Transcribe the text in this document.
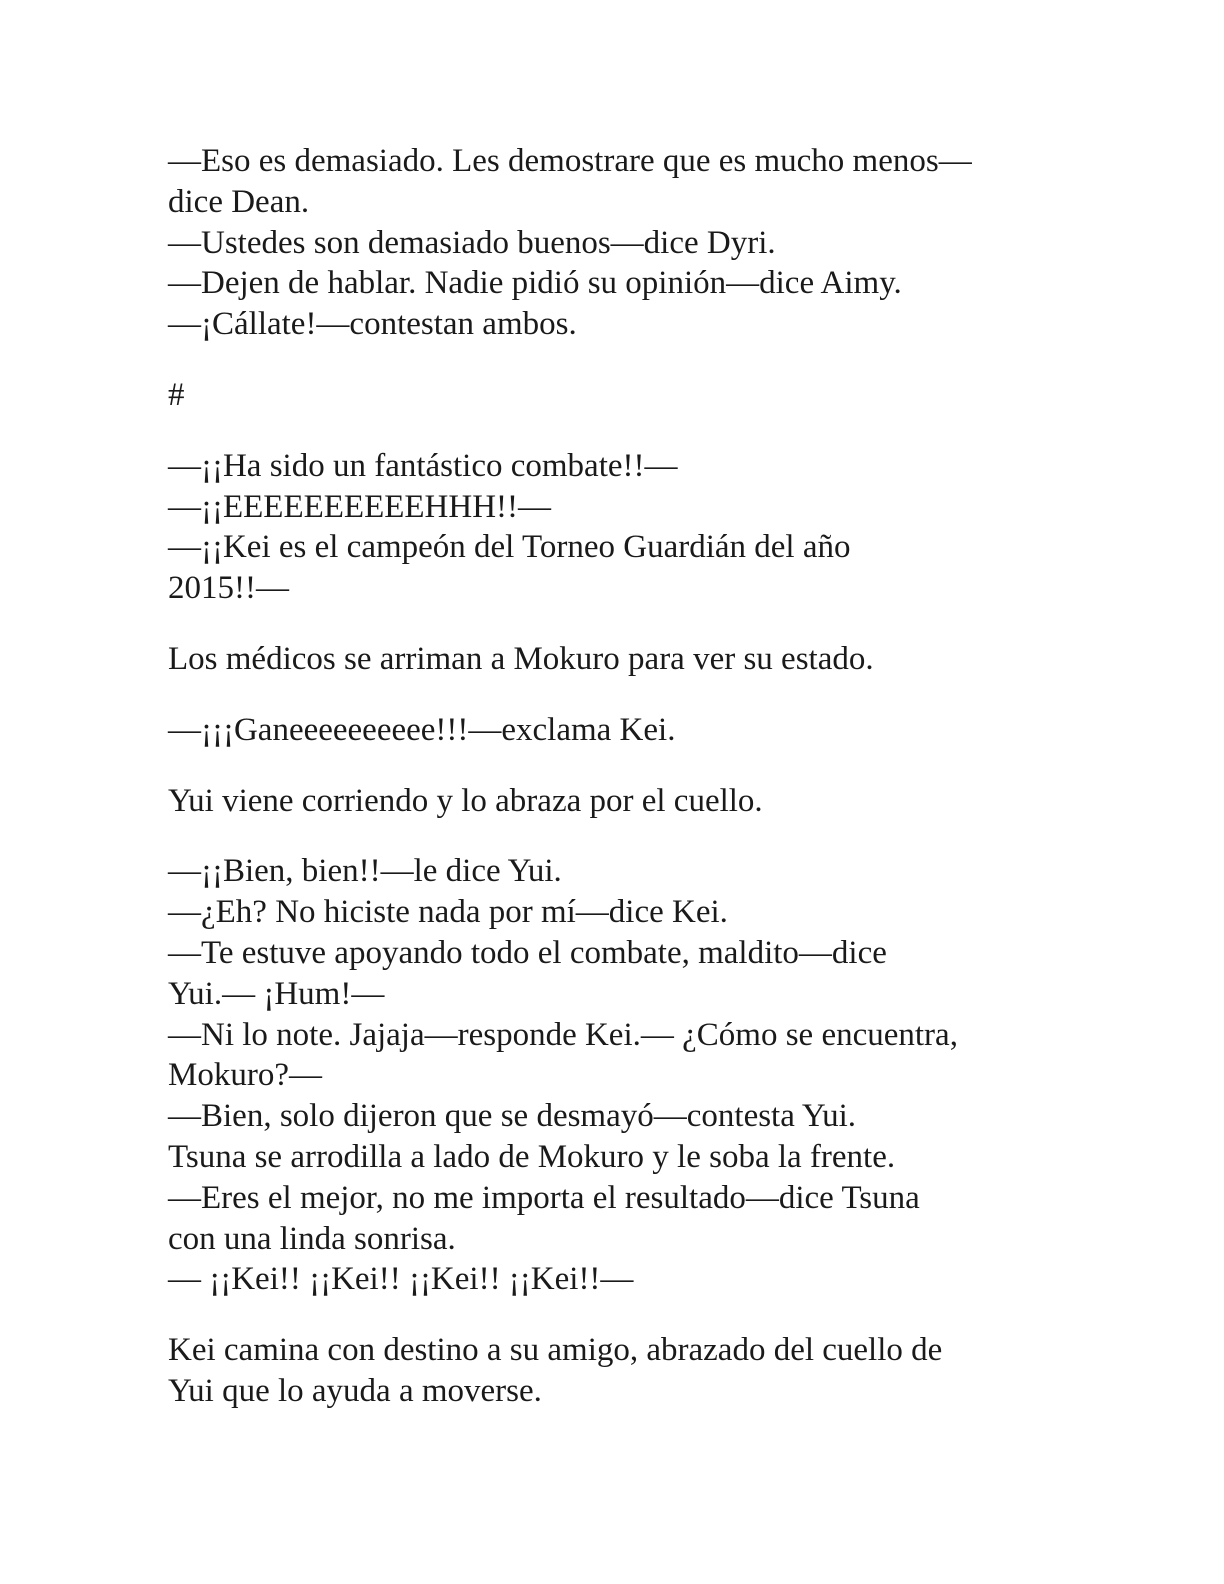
—Eso es demasiado. Les demostrare que es mucho menos—
dice Dean.
—Ustedes son demasiado buenos—dice Dyri.
—Dejen de hablar. Nadie pidió su opinión—dice Aimy.
—¡Cállate!—contestan ambos.

#

—¡¡Ha sido un fantástico combate!!—
—¡¡EEEEEEEEEEHHH!!—
—¡¡Kei es el campeón del Torneo Guardián del año
2015!!—

Los médicos se arriman a Mokuro para ver su estado.

—¡¡¡Ganeeeeeeeeee!!!—exclama Kei.

Yui viene corriendo y lo abraza por el cuello.

—¡¡Bien, bien!!—le dice Yui.
—¿Eh? No hiciste nada por mí—dice Kei.
—Te estuve apoyando todo el combate, maldito—dice
Yui.— ¡Hum!—
—Ni lo note. Jajaja—responde Kei.— ¿Cómo se encuentra,
Mokuro?—
—Bien, solo dijeron que se desmayó—contesta Yui.
Tsuna se arrodilla a lado de Mokuro y le soba la frente.
—Eres el mejor, no me importa el resultado—dice Tsuna
con una linda sonrisa.
— ¡¡Kei!! ¡¡Kei!! ¡¡Kei!! ¡¡Kei!!—

Kei camina con destino a su amigo, abrazado del cuello de
Yui que lo ayuda a moverse.
